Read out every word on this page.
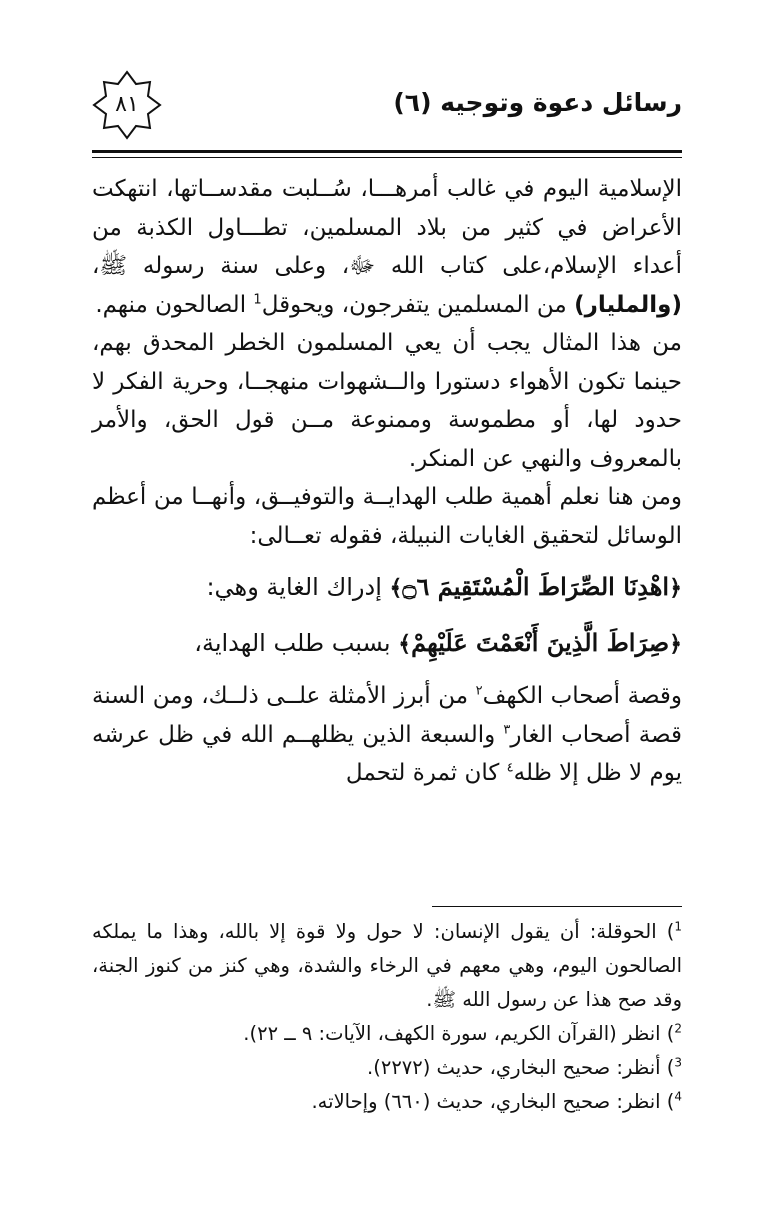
رسائل دعوة وتوجيه (٦)
٨١

الإسلامية اليوم في غالب أمرهـــا، سُــلبت مقدســاتها، انتهكت الأعراض في كثير من بلاد المسلمين، تطـــاول الكذبة من أعداء الإسلام،على كتاب الله ﷻ، وعلى سنة رسوله ﷺ، (والمليار) من المسلمين يتفرجون، ويحوقل$^1$ الصالحون منهم.

من هذا المثال يجب أن يعي المسلمون الخطر المحدق بهم، حينما تكون الأهواء دستورا والــشهوات منهجــا، وحرية الفكر لا حدود لها، أو مطموسة وممنوعة مــن قول الحق، والأمر بالمعروف والنهي عن المنكر.

ومن هنا نعلم أهمية طلب الهدايــة والتوفيــق، وأنهــا من أعظم الوسائل لتحقيق الغايات النبيلة، فقوله تعــالى:

﴿اهْدِنَا الصِّرَاطَ الْمُسْتَقِيمَ ۝٦﴾ إدراك الغاية وهي:

﴿صِرَاطَ الَّذِينَ أَنْعَمْتَ عَلَيْهِمْ﴾ بسبب طلب الهداية،

وقصة أصحاب الكهف$^٢$ من أبرز الأمثلة علــى ذلــك، ومن السنة قصة أصحاب الغار$^٣$ والسبعة الذين يظلهــم الله في ظل عرشه يوم لا ظل إلا ظله$^٤$ كان ثمرة لتحمل

$^1$) الحوقلة: أن يقول الإنسان: لا حول ولا قوة إلا بالله، وهذا ما يملكه الصالحون اليوم، وهي معهم في الرخاء والشدة، وهي كنز من كنوز الجنة، وقد صح هذا عن رسول الله ﷺ.

$^2$) انظر (القرآن الكريم، سورة الكهف، الآيات: ٩ ــ ٢٢).

$^3$) أنظر: صحيح البخاري، حديث (٢٢٧٢).

$^4$) انظر: صحيح البخاري، حديث (٦٦٠) وإحالاته.
